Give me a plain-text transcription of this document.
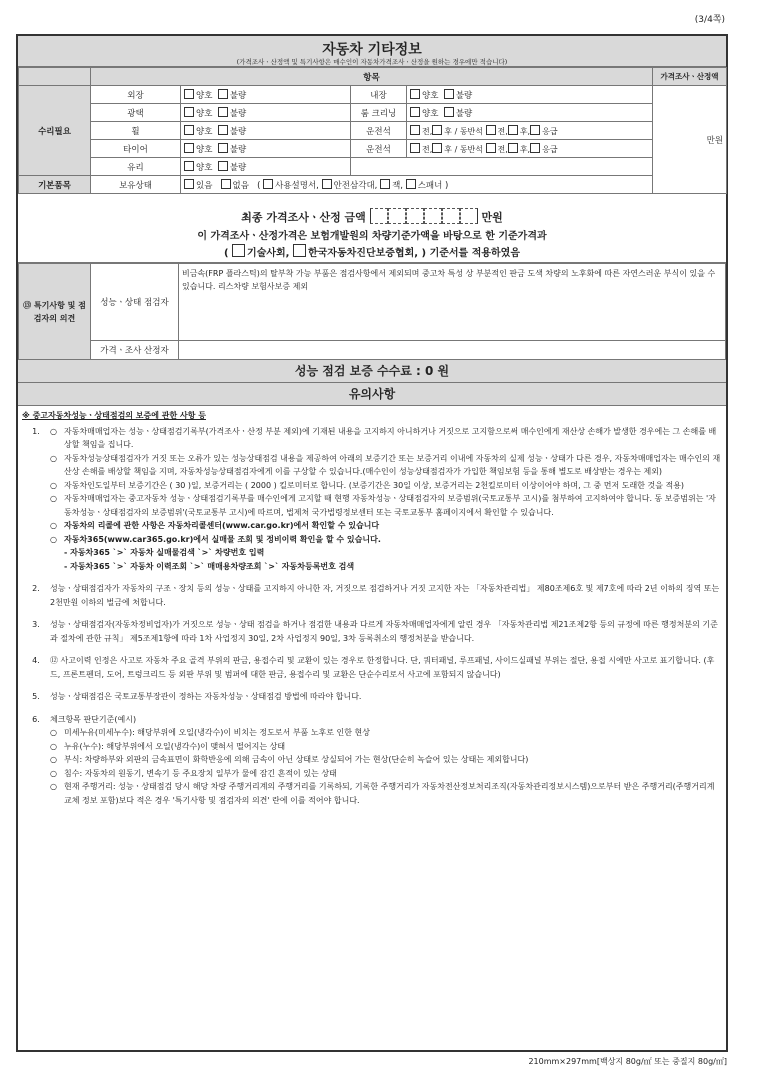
(3/4쪽)
자동차 기타정보
(가격조사ㆍ산정액 및 특기사항은 매수인이 자동차가격조사ㆍ산정을 원하는 경우에만 적습니다)
	항목				가격조사ㆍ산정액
수리필요	외장	양호 불량	내장	양호 불량	만원
	광택	양호 불량	룸 크리닝	양호 불량	
	휠	양호 불량	운전석	전, 후 / 동반석 전, 후, 응급	
	타이어	양호 불량	운전석	전, 후 / 동반석 전, 후, 응급	
	유리	양호 불량			
기본품목	보유상태	있음 없음 ( 사용설명서, 안전삼각대, 잭, 스패너 )			
최종 가격조사ㆍ산정 금액	만원
이 가격조사ㆍ산정가격은 보험개발원의 차량기준가액을 바탕으로 한 기준가격과
( 기술사회, 한국자동차진단보증협회, ) 기준서를 적용하였음
⑬ 특기사항 및 점검자의 의견	성능ㆍ상태 점검자	비금속(FRP 플라스틱)의 탈부착 가능 부품은 점검사항에서 제외되며 중고차 특성 상 부분적인 판금 도색 차량의 노후화에 따른 자연스러운 부식이 있을 수 있습니다. 리스차량 보험사보증 제외
	가격ㆍ조사 산정자	
성능 점검 보증 수수료 : 0 원
유의사항
※ 중고자동차성능ㆍ상태점검의 보증에 관한 사항 등
1.	○ 자동차매매업자는 성능ㆍ상태점검기록부(가격조사ㆍ산정 부분 제외)에 기재된 내용을 고지하지 아니하거나 거짓으로 고지함으로써 매수인에게 재산상 손해가 발생한 경우에는 그 손해를 배상할 책임을 집니다.
○ 자동차성능상태점검자가 거짓 또는 오류가 있는 성능상태점검 내용을 제공하여 아래의 보증기간 또는 보증거리 이내에 자동차의 실제 성능ㆍ상태가 다른 경우, 자동차매매업자는 매수인의 재산상 손해를 배상할 책임을 지며, 자동차성능상태점검자에게 이를 구상할 수 있습니다.(매수인이 성능상태점검자가 가입한 책임보험 등을 통해 별도로 배상받는 경우는 제외)
○ 자동차인도일부터 보증기간은 ( 30 )일, 보증거리는 ( 2000 ) 킬로미터로 합니다. (보증기간은 30일 이상, 보증거리는 2천킬로미터 이상이어야 하며, 그 중 먼저 도래한 것을 적용)
○ 자동차매매업자는 중고자동차 성능ㆍ상태점검기록부를 매수인에게 고지할 때 현행 자동차성능ㆍ상태점검자의 보증범위(국토교통부 고시)를 첨부하여 고지하여야 합니다. 동 보증범위는 '자동차성능ㆍ상태점검자의 보증범위'(국토교통부 고시)에 따르며, 법제처 국가법령정보센터 또는 국토교통부 홈페이지에서 확인할 수 있습니다.
○ 자동차의 리콜에 관한 사항은 자동차리콜센터(www.car.go.kr)에서 확인할 수 있습니다
○ 자동차365(www.car365.go.kr)에서 실매물 조회 및 정비이력 확인을 할 수 있습니다.
- 자동차365 `>` 자동차 실매물검색 `>` 차량번호 입력
- 자동차365 `>` 자동차 이력조회 `>` 매매용차량조회 `>` 자동차등록번호 검색
2.	성능ㆍ상태점검자가 자동차의 구조ㆍ장치 등의 성능ㆍ상태를 고지하지 아니한 자, 거짓으로 점검하거나 거짓 고지한 자는 「자동차관리법」 제80조제6호 및 제7호에 따라 2년 이하의 징역 또는 2천만원 이하의 벌금에 처합니다.
3.	성능ㆍ상태점검자(자동차정비업자)가 거짓으로 성능ㆍ상태 점검을 하거나 점검한 내용과 다르게 자동차매매업자에게 알린 경우 「자동차관리법 제21조제2항 등의 규정에 따른 행정처분의 기준과 절차에 관한 규칙」 제5조제1항에 따라 1차 사업정지 30일, 2차 사업정지 90일, 3차 등록취소의 행정처분을 받습니다.
4.	⑫ 사고이력 인정은 사고로 자동차 주요 골격 부위의 판금, 용접수리 및 교환이 있는 경우로 한정합니다. 단, 쿼터패널, 루프패널, 사이드실패널 부위는 절단, 용접 시에만 사고로 표기합니다. (후드, 프론트펜더, 도어, 트렁크리드 등 외판 부위 및 범퍼에 대한 판금, 용접수리 및 교환은 단순수리로서 사고에 포함되지 않습니다)
5.	성능ㆍ상태점검은 국토교통부장관이 정하는 자동차성능ㆍ상태점검 방법에 따라야 합니다.
6.	체크항목 판단기준(예시)
○ 미세누유(미세누수): 해당부위에 오일(냉각수)이 비치는 정도로서 부품 노후로 인한 현상
○ 누유(누수): 해당부위에서 오일(냉각수)이 맺혀서 떨어지는 상태
○ 부식: 차량하부와 외판의 금속표면이 화학반응에 의해 금속이 아닌 상태로 상실되어 가는 현상(단순히 녹슬어 있는 상태는 제외합니다)
○ 침수: 자동차의 원동기, 변속기 등 주요장치 일부가 물에 잠긴 흔적이 있는 상태
○ 현재 주행거리: 성능ㆍ상태점검 당시 해당 차량 주행거리계의 주행거리를 기록하되, 기록한 주행거리가 자동차전산정보처리조직(자동차관리정보시스템)으로부터 받은 주행거리(주행거리계 교체 정보 포함)보다 적은 경우 '특기사항 및 점검자의 의견' 란에 이를 적어야 합니다.
210mm×297mm[백상지 80g/㎡ 또는 중질지 80g/㎡]
